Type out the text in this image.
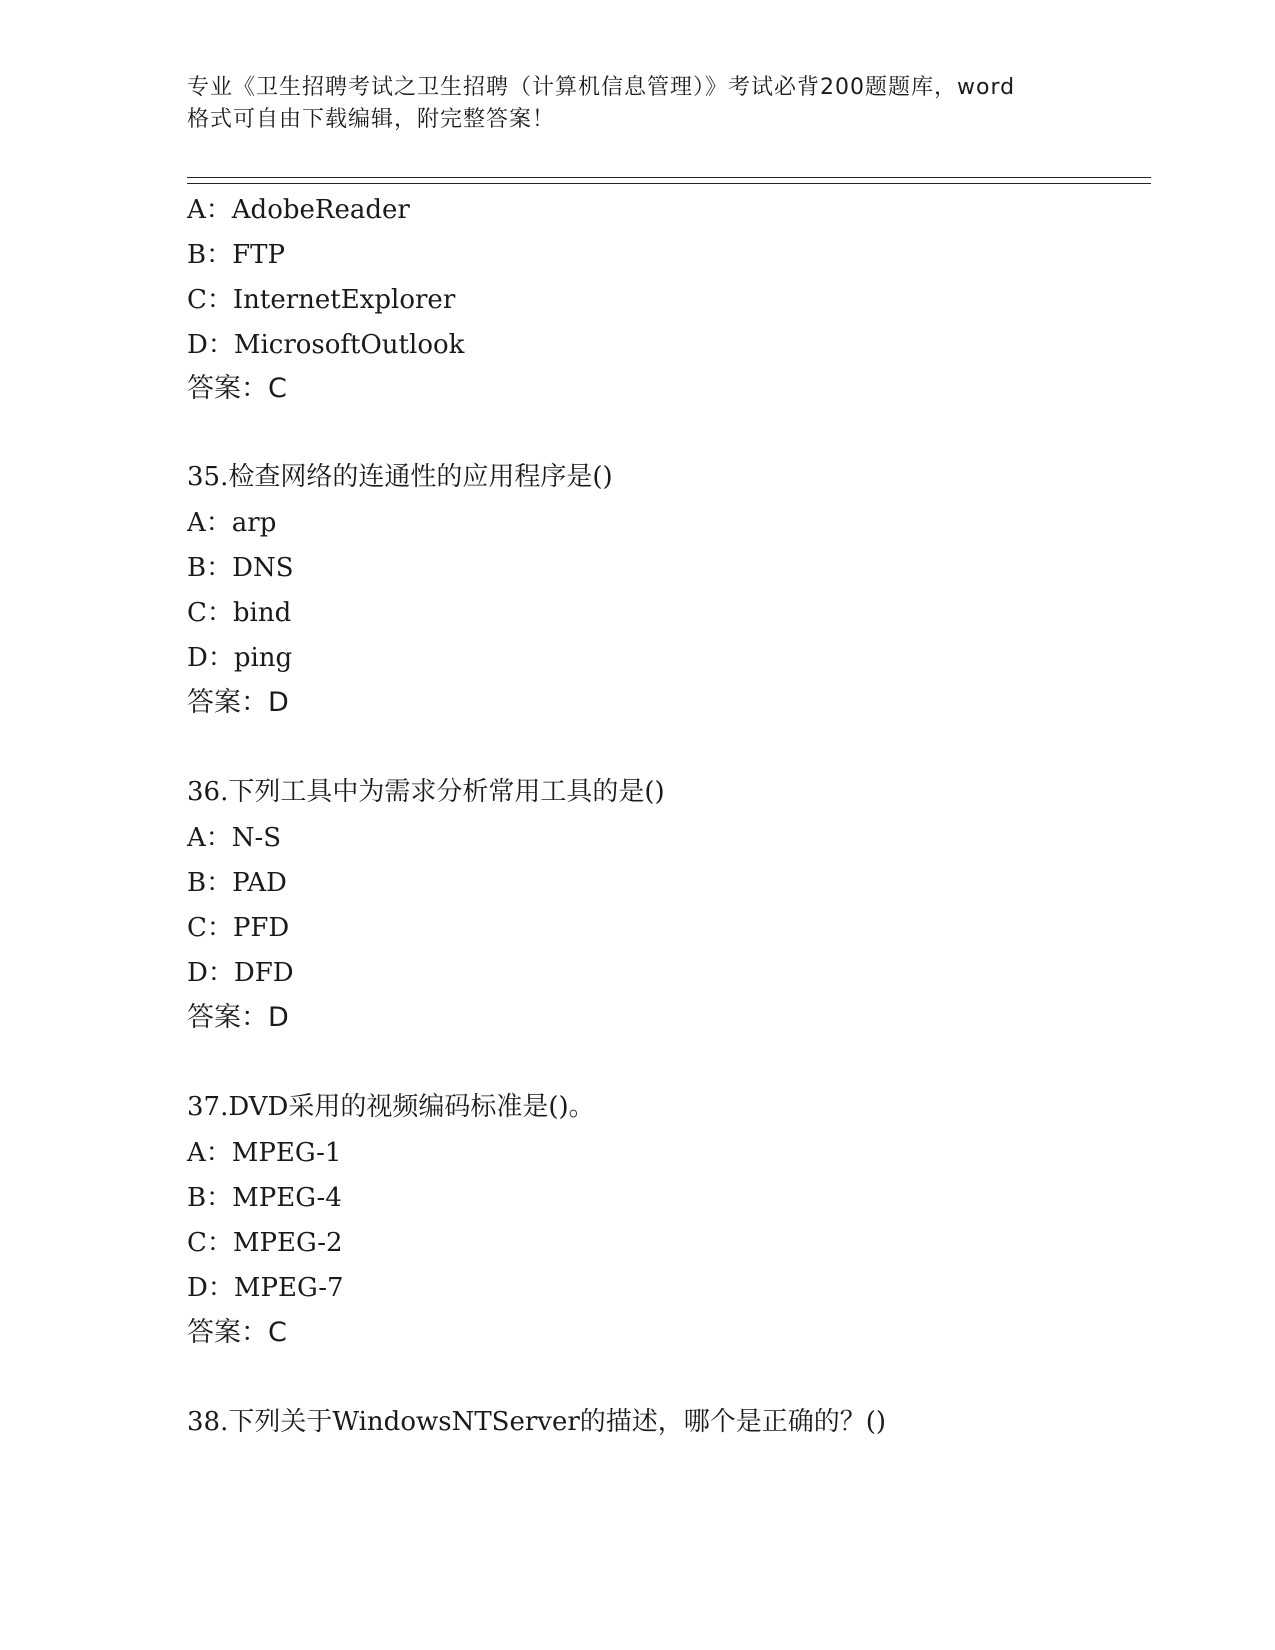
专业《卫生招聘考试之卫生招聘（计算机信息管理）》考试必背200题题库，word
格式可自由下载编辑，附完整答案！
A：AdobeReader
B：FTP
C：InternetExplorer
D：MicrosoftOutlook
答案：C
35.检查网络的连通性的应用程序是()
A：arp
B：DNS
C：bind
D：ping
答案：D
36.下列工具中为需求分析常用工具的是()
A：N-S
B：PAD
C：PFD
D：DFD
答案：D
37.DVD采用的视频编码标准是()。
A：MPEG-1
B：MPEG-4
C：MPEG-2
D：MPEG-7
答案：C
38.下列关于WindowsNTServer的描述，哪个是正确的？()
